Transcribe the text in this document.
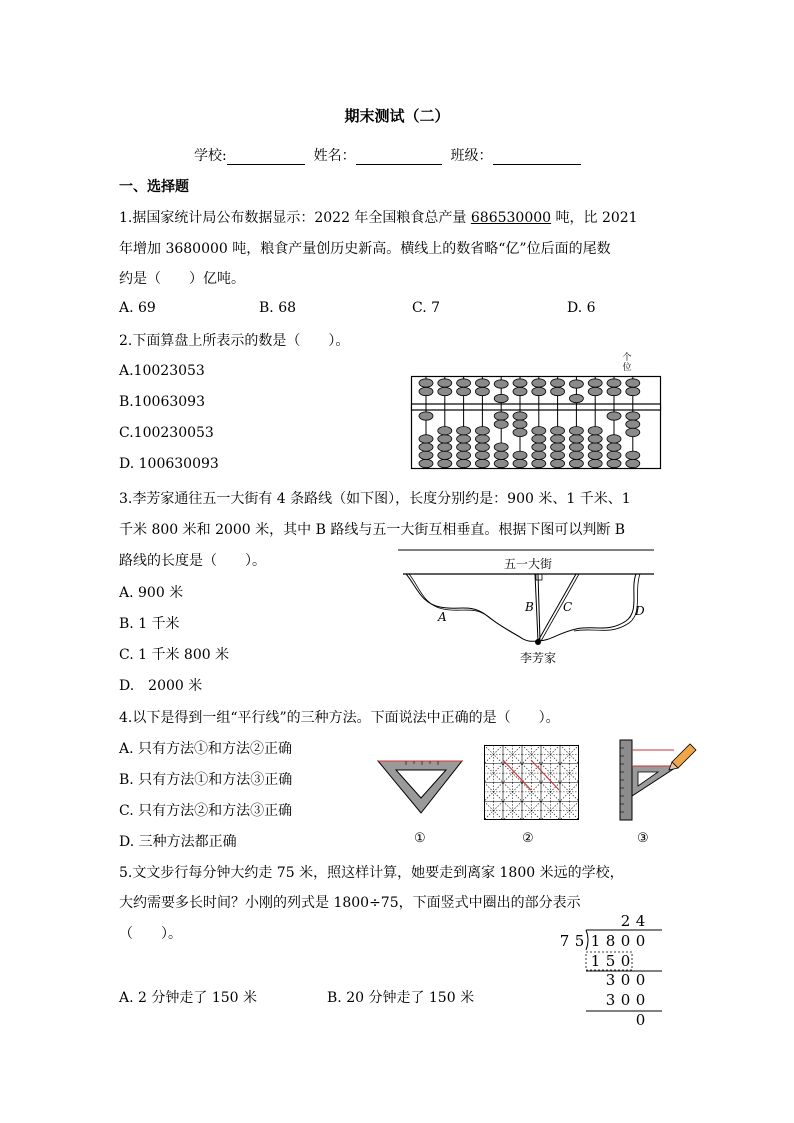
期末测试（二）
学校:	姓名：	班级：
一、选择题
1.据国家统计局公布数据显示：2022 年全国粮食总产量 686530000 吨，比 2021
年增加 3680000 吨，粮食产量创历史新高。横线上的数省略“亿”位后面的尾数
约是（　　）亿吨。
A. 69	B. 68	C. 7	D. 6
2.下面算盘上所表示的数是（　　）。
A.10023053
B.10063093
C.100230053
D. 100630093
个位
3.李芳家通往五一大街有 4 条路线（如下图），长度分别约是：900 米、1 千米、1
千米 800 米和 2000 米，其中 B 路线与五一大街互相垂直。根据下图可以判断 B
路线的长度是（　　）。
A. 900 米
B. 1 千米
C. 1 千米 800 米
D.　2000 米
五一大街
李芳家
A
B C	D
4.以下是得到一组“平行线”的三种方法。下面说法中正确的是（　　）。
A. 只有方法①和方法②正确
B. 只有方法①和方法③正确
C. 只有方法②和方法③正确
D. 三种方法都正确	①	②	③
5.文文步行每分钟大约走 75 米，照这样计算，她要走到离家 1800 米远的学校，
大约需要多长时间？小刚的列式是 1800÷75，下面竖式中圈出的部分表示
（　　）。
A. 2 分钟走了 150 米	B. 20 分钟走了 150 米
2 4
7 5 1 8 0 0
1 5 0
3 0 0
3 0 0
0
